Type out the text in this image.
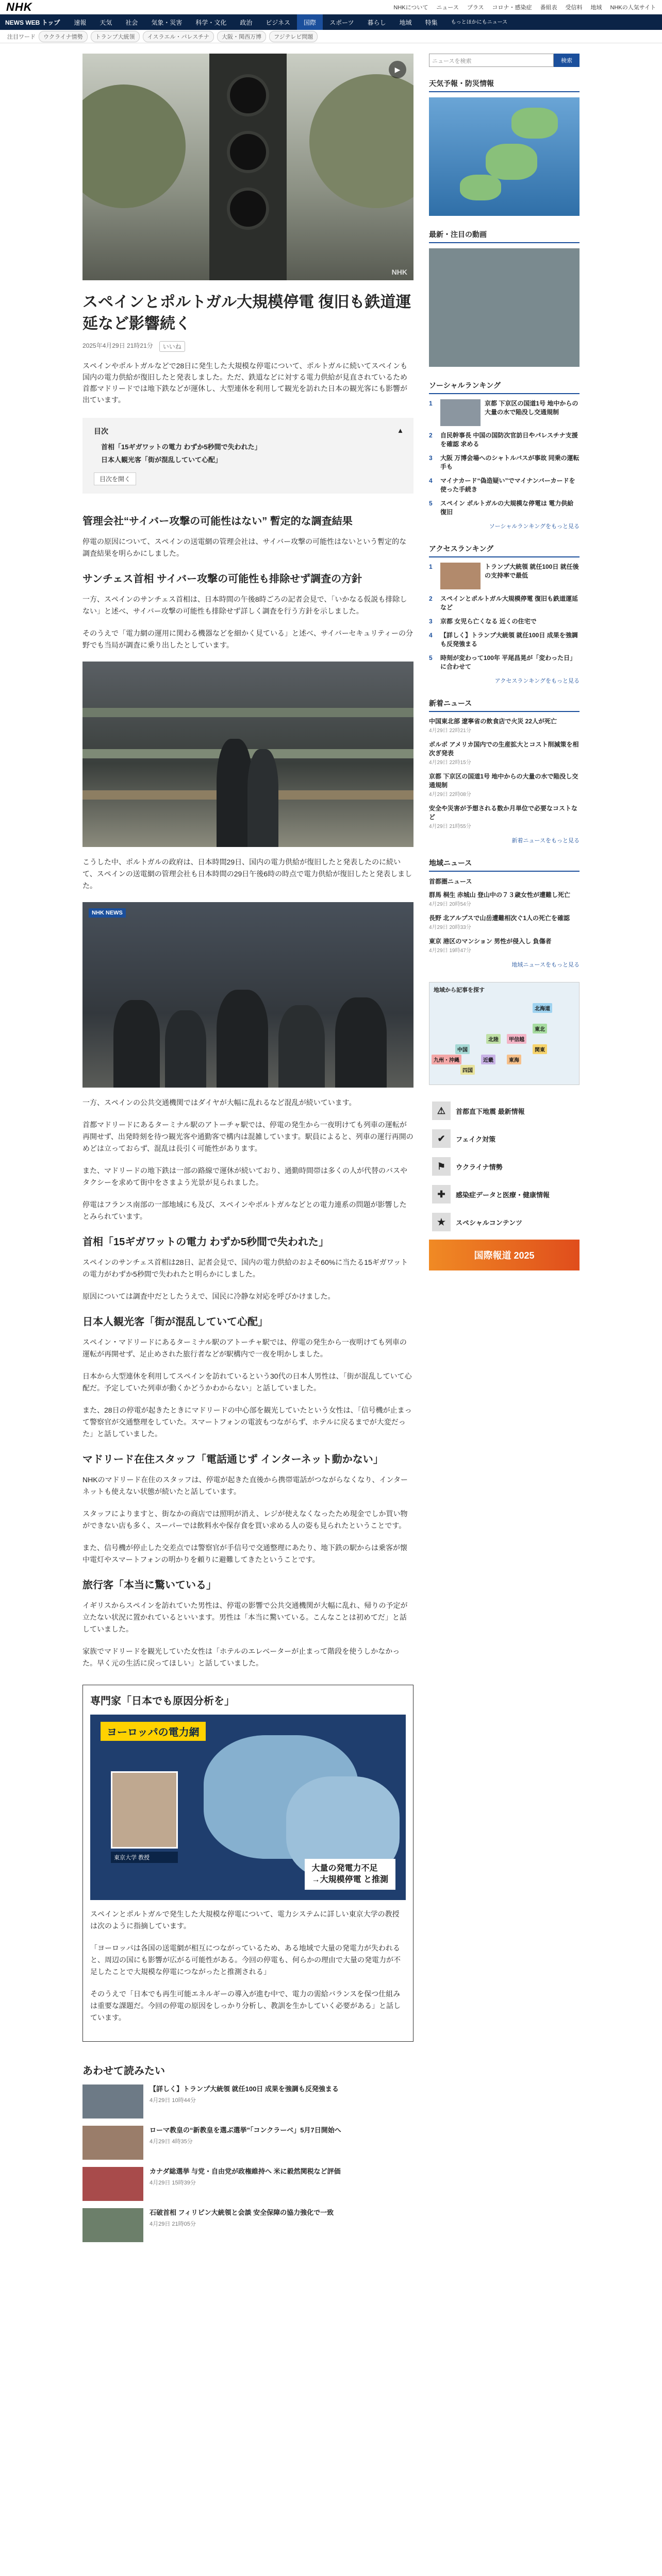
NHK	NHKについて ニュース プラス コロナ・感染症 番組表 受信料 地域 NHKの人気サイト
NEWS WEB トップ	速報	天気	社会	気象・災害	科学・文化	政治	ビジネス	国際	スポーツ	暮らし	地域	特集	もっとほかにもニュース
注目ワード	ウクライナ情勢	トランプ大統領	イスラエル・パレスチナ	大阪・関西万博	フジテレビ問題
▶
NHK
スペインとポルトガル大規模停電 復旧も鉄道運延など影響続く
2025年4月29日 21時21分	いいね

スペインやポルトガルなどで28日に発生した大規模な停電について、ポルトガルに続いてスペインも国内の電力供給が復旧したと発表しました。ただ、鉄道などに対する電力供給が見直されているため首都マドリードでは地下鉄などが運休し、大型連休を利用して観光を訪れた日本の観光客にも影響が出ています。

目次	▴
首相「15ギガワットの電力 わずか5秒間で失われた」
日本人観光客「街が混乱していて心配」
目次を開く
管理会社“サイバー攻撃の可能性はない” 暫定的な調査結果

停電の原因について、スペインの送電網の管理会社は、サイバー攻撃の可能性はないという暫定的な調査結果を明らかにしました。

サンチェス首相 サイバー攻撃の可能性も排除せず調査の方針

一方、スペインのサンチェス首相は、日本時間の午後8時ごろの記者会見で、「いかなる仮説も排除しない」と述べ、サイバー攻撃の可能性も排除せず詳しく調査を行う方針を示しました。

そのうえで「電力網の運用に関わる機器などを細かく見ている」と述べ、サイバーセキュリティーの分野でも当局が調査に乗り出したとしています。

こうした中、ポルトガルの政府は、日本時間29日、国内の電力供給が復旧したと発表したのに続いて、スペインの送電網の管理会社も日本時間の29日午後6時の時点で電力供給が復旧したと発表しました。

NHK NEWS

一方、スペインの公共交通機関ではダイヤが大幅に乱れるなど混乱が続いています。

首都マドリードにあるターミナル駅のアトーチャ駅では、停電の発生から一夜明けても列車の運転が再開せず、出発時刻を待つ観光客や通勤客で構内は混雑しています。駅員によると、列車の運行再開のめどは立っておらず、混乱は長引く可能性があります。

また、マドリードの地下鉄は一部の路線で運休が続いており、通勤時間帯は多くの人が代替のバスやタクシーを求めて街中をさまよう光景が見られました。

停電はフランス南部の一部地域にも及び、スペインやポルトガルなどとの電力連系の問題が影響したとみられています。

首相「15ギガワットの電力 わずか5秒間で失われた」

スペインのサンチェス首相は28日、記者会見で、国内の電力供給のおよそ60%に当たる15ギガワットの電力がわずか5秒間で失われたと明らかにしました。

原因については調査中だとしたうえで、国民に冷静な対応を呼びかけました。

日本人観光客「街が混乱していて心配」

スペイン・マドリードにあるターミナル駅のアトーチャ駅では、停電の発生から一夜明けても列車の運転が再開せず、足止めされた旅行者などが駅構内で一夜を明かしました。

日本から大型連休を利用してスペインを訪れているという30代の日本人男性は、「街が混乱していて心配だ。予定していた列車が動くかどうかわからない」と話していました。

また、28日の停電が起きたときにマドリードの中心部を観光していたという女性は、「信号機が止まって警察官が交通整理をしていた。スマートフォンの電波もつながらず、ホテルに戻るまでが大変だった」と話していました。

マドリード在住スタッフ「電話通じず インターネット動かない」

NHKのマドリード在住のスタッフは、停電が起きた直後から携帯電話がつながらなくなり、インターネットも使えない状態が続いたと話しています。

スタッフによりますと、街なかの商店では照明が消え、レジが使えなくなったため現金でしか買い物ができない店も多く、スーパーでは飲料水や保存食を買い求める人の姿も見られたということです。

また、信号機が停止した交差点では警察官が手信号で交通整理にあたり、地下鉄の駅からは乗客が懐中電灯やスマートフォンの明かりを頼りに避難してきたということです。

旅行客「本当に驚いている」

イギリスからスペインを訪れていた男性は、停電の影響で公共交通機関が大幅に乱れ、帰りの予定が立たない状況に置かれているといいます。男性は「本当に驚いている。こんなことは初めてだ」と話していました。

家族でマドリードを観光していた女性は「ホテルのエレベーターが止まって階段を使うしかなかった。早く元の生活に戻ってほしい」と話していました。

専門家「日本でも原因分析を」
ヨーロッパの電力網
東京大学 教授
大量の発電力不足
→大規模停電 と推測

スペインとポルトガルで発生した大規模な停電について、電力システムに詳しい東京大学の教授は次のように指摘しています。

「ヨーロッパは各国の送電網が相互につながっているため、ある地域で大量の発電力が失われると、周辺の国にも影響が広がる可能性がある。今回の停電も、何らかの理由で大量の発電力が不足したことで大規模な停電につながったと推測される」

そのうえで「日本でも再生可能エネルギーの導入が進む中で、電力の需給バランスを保つ仕組みは重要な課題だ。今回の停電の原因をしっかり分析し、教訓を生かしていく必要がある」と話しています。

あわせて読みたい
【詳しく】トランプ大統領 就任100日 成果を強調も反発強まる
4月29日 10時44分
ローマ教皇の“新教皇を選ぶ選挙”「コンクラーベ」5月7日開始へ
4月29日 4時35分
カナダ総選挙 与党・自由党が政権維持へ 米に毅然関税など評価
4月29日 15時39分
石破首相 フィリピン大統領と会談 安全保障の協力強化で一致
4月29日 21時05分
ニュースを検索	検索
天気予報・防災情報
最新・注目の動画
ソーシャルランキング
1	京都 下京区の国道1号 地中からの大量の水で陥没し交通規制
2	自民幹事長 中国の国防次官訪日やパレスチナ支援を確認 求める
3	大阪 万博会場へのシャトルバスが事故 同乗の運転手も
4	マイナカード“偽造疑い”でマイナンバーカードを使った手続き
5	スペイン ポルトガルの大規模な停電は 電力供給 復旧
ソーシャルランキングをもっと見る
アクセスランキング
1	トランプ大統領 就任100日 就任後の支持率で最低
2	スペインとポルトガル大規模停電 復旧も鉄道運延など
3	京都 女児ら亡くなる 近くの住宅で
4	【詳しく】トランプ大統領 就任100日 成果を強調も反発強まる
5	時刻が変わって100年 平尾昌晃が「変わった日」に合わせて
アクセスランキングをもっと見る
新着ニュース
中国東北部 遼寧省の飲食店で火災 22人が死亡
4月29日 22時21分
ボルボ アメリカ国内での生産拡大とコスト削減策を相次ぎ発表
4月29日 22時15分
京都 下京区の国道1号 地中からの大量の水で陥没し交通規制
4月29日 22時08分
安全や災害が予想される数か月単位で必要なコストなど
4月29日 21時55分
新着ニュースをもっと見る
地域ニュース
首都圏ニュース
群馬 桐生 赤城山 登山中の７３歳女性が遭難し死亡
4月29日 20時54分
長野 北アルプスで山岳遭難相次ぐ1人の死亡を確認
4月29日 20時33分
東京 港区のマンション 男性が侵入し 負傷者
4月29日 19時47分
地域ニュースをもっと見る
地域から記事を探す
北海道
東北
関東
甲信越
東海
近畿
中国
四国
九州・沖縄
北陸
⚠	首都直下地震 最新情報
✔	フェイク対策
⚑	ウクライナ情勢
✚	感染症データと医療・健康情報
★	スペシャルコンテンツ
国際報道 2025
